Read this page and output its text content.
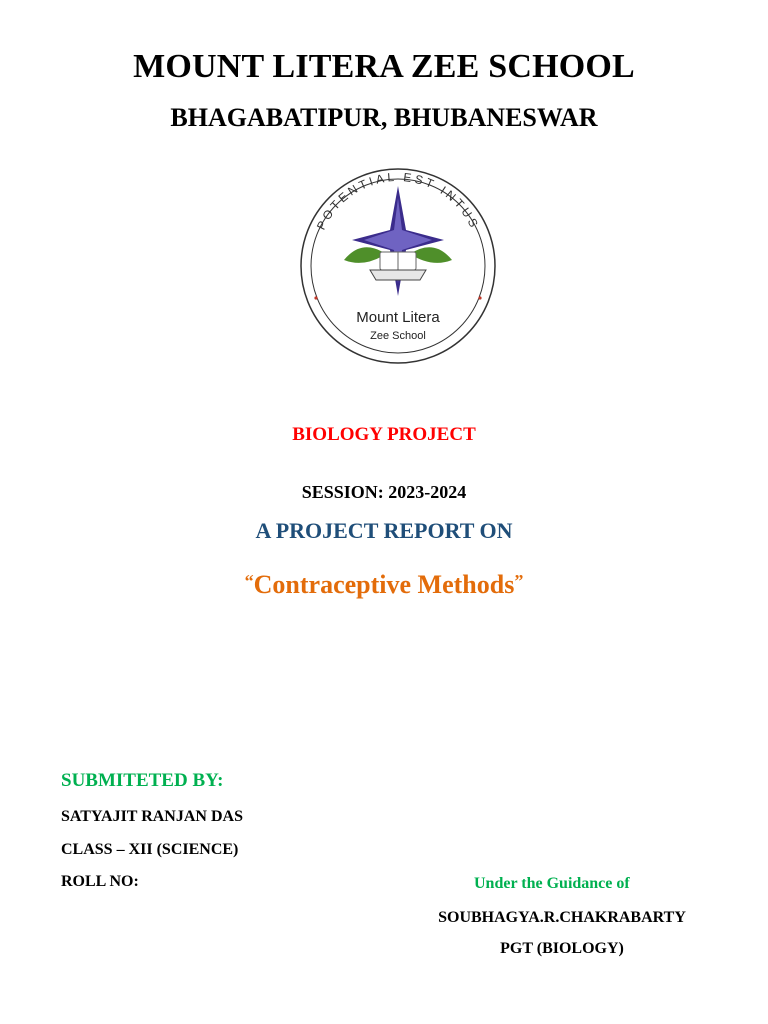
MOUNT LITERA ZEE SCHOOL
BHAGABATIPUR, BHUBANESWAR
POTENTIAL EST INTUS
Mount Litera
Zee School
BIOLOGY PROJECT
SESSION: 2023-2024
A PROJECT REPORT ON
“Contraceptive Methods”
SUBMITETED BY:
SATYAJIT RANJAN DAS
CLASS – XII (SCIENCE)
ROLL NO:	Under the Guidance of
SOUBHAGYA.R.CHAKRABARTY
PGT (BIOLOGY)
